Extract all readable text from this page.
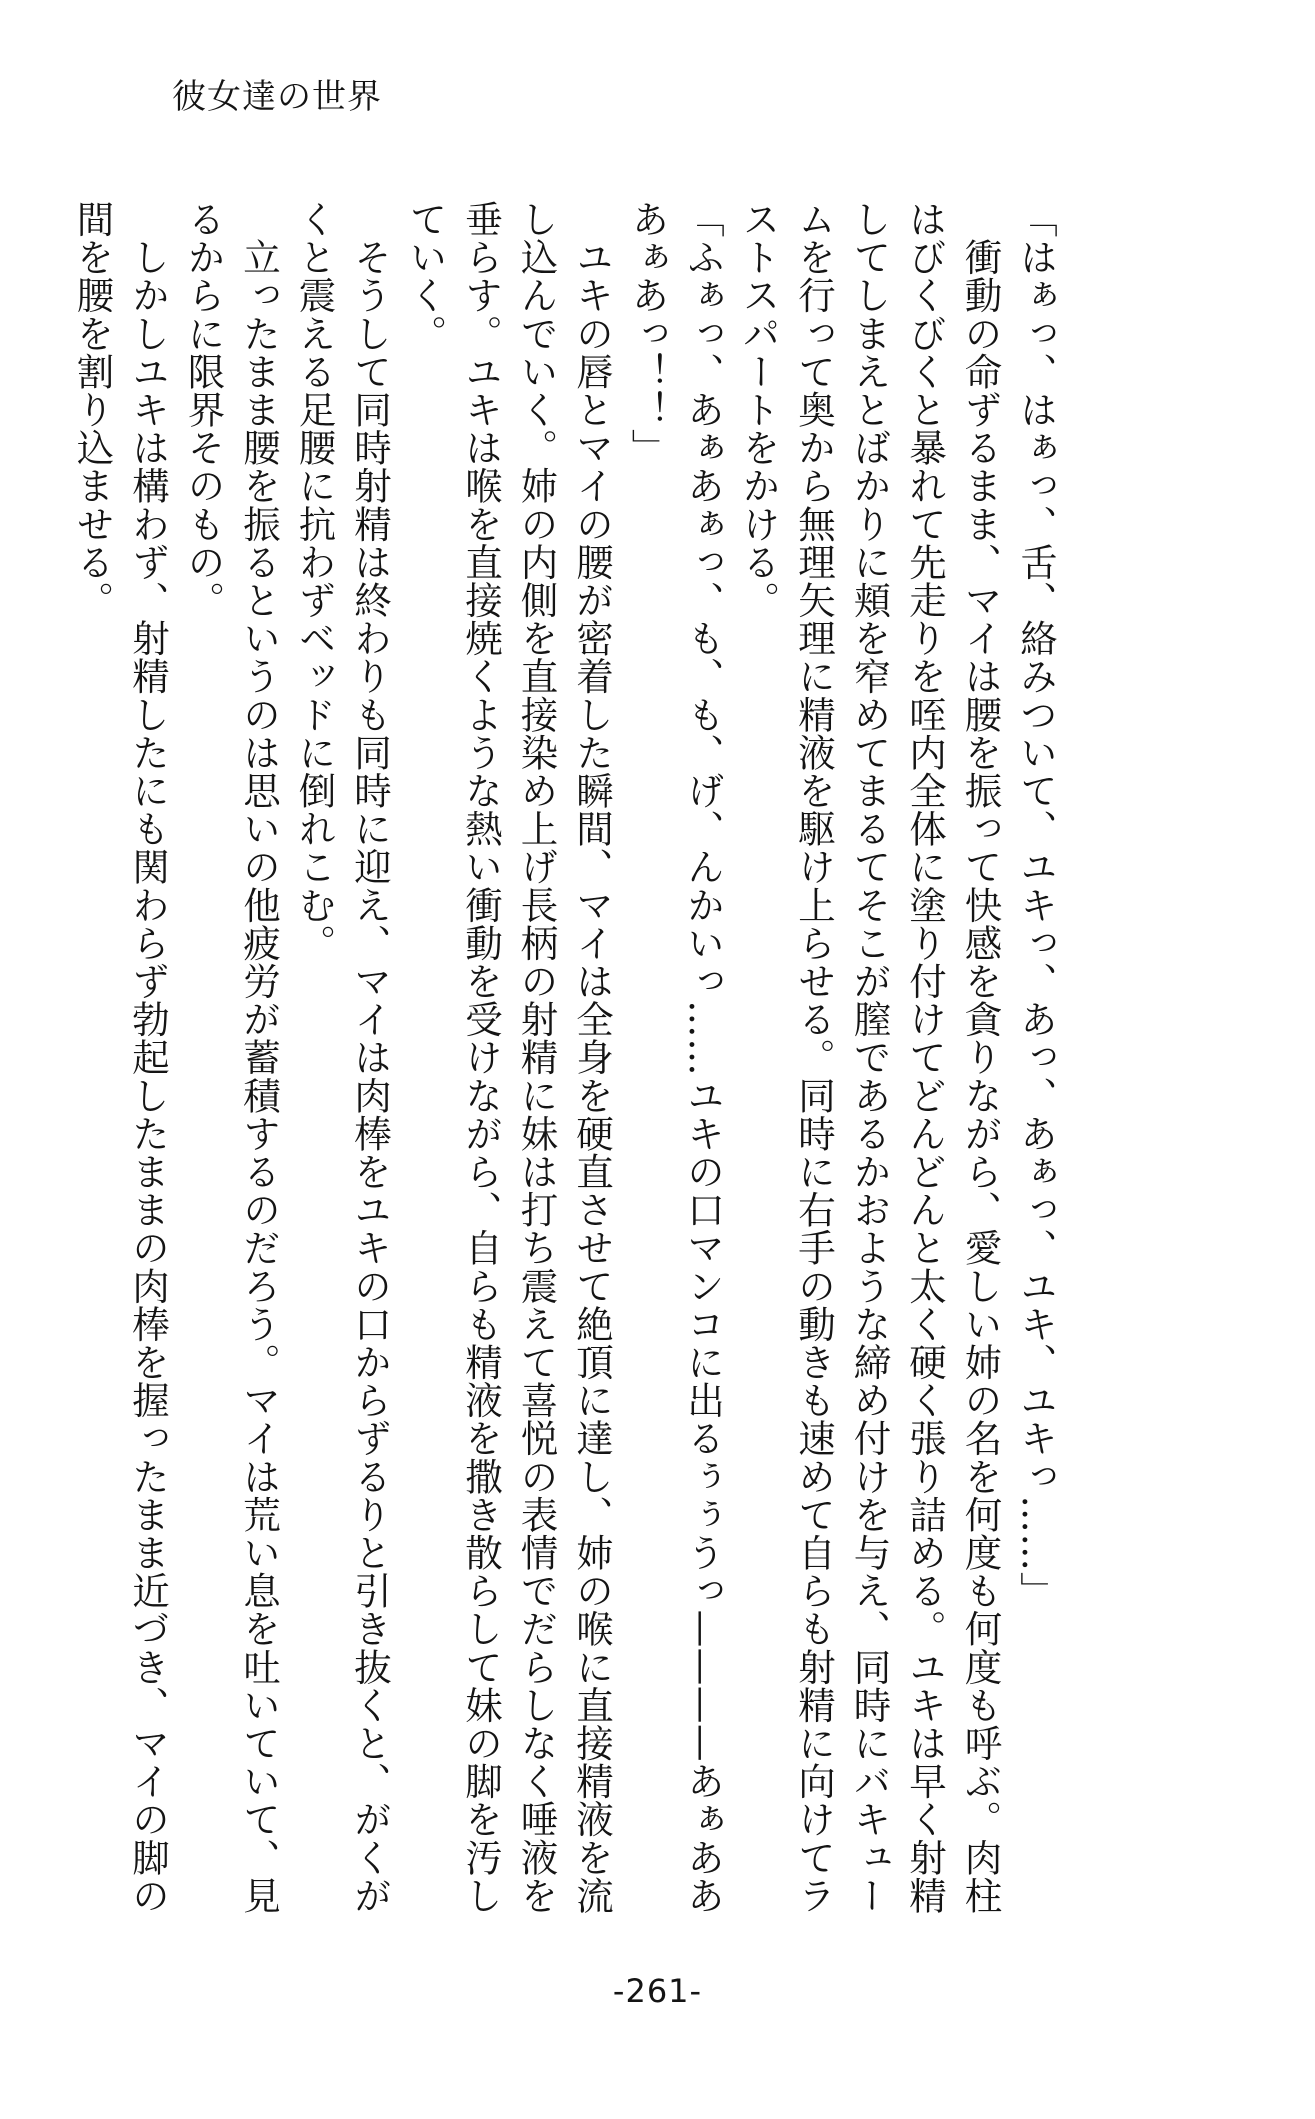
彼女達の世界

「はぁっ、はぁっ、舌、絡みついて、ユキっ、あっ、あぁっ、ユキ、ユキっ……」

衝動の命ずるまま、マイは腰を振って快感を貪りながら、愛しい姉の名を何度も何度も呼ぶ。肉柱はびくびくと暴れて先走りを咥内全体に塗り付けてどんどんと太く硬く張り詰める。ユキは早く射精してしまえとばかりに頬を窄めてまるてそこが膣であるかおような締め付けを与え、同時にバキュームを行って奥から無理矢理に精液を駆け上らせる。同時に右手の動きも速めて自らも射精に向けてラストスパートをかける。

「ふぁっ、あぁあぁっ、も、も、げ、んかいっ……ユキの口マンコに出るぅぅうっ————あぁあああぁあっ！！」

ユキの唇とマイの腰が密着した瞬間、マイは全身を硬直させて絶頂に達し、姉の喉に直接精液を流し込んでいく。姉の内側を直接染め上げ長柄の射精に妹は打ち震えて喜悦の表情でだらしなく唾液を垂らす。ユキは喉を直接焼くような熱い衝動を受けながら、自らも精液を撒き散らして妹の脚を汚していく。

そうして同時射精は終わりも同時に迎え、マイは肉棒をユキの口からずるりと引き抜くと、がくがくと震える足腰に抗わずベッドに倒れこむ。

立ったまま腰を振るというのは思いの他疲労が蓄積するのだろう。マイは荒い息を吐いていて、見るからに限界そのもの。

しかしユキは構わず、射精したにも関わらず勃起したままの肉棒を握ったまま近づき、マイの脚の間を腰を割り込ませる。

-261-
